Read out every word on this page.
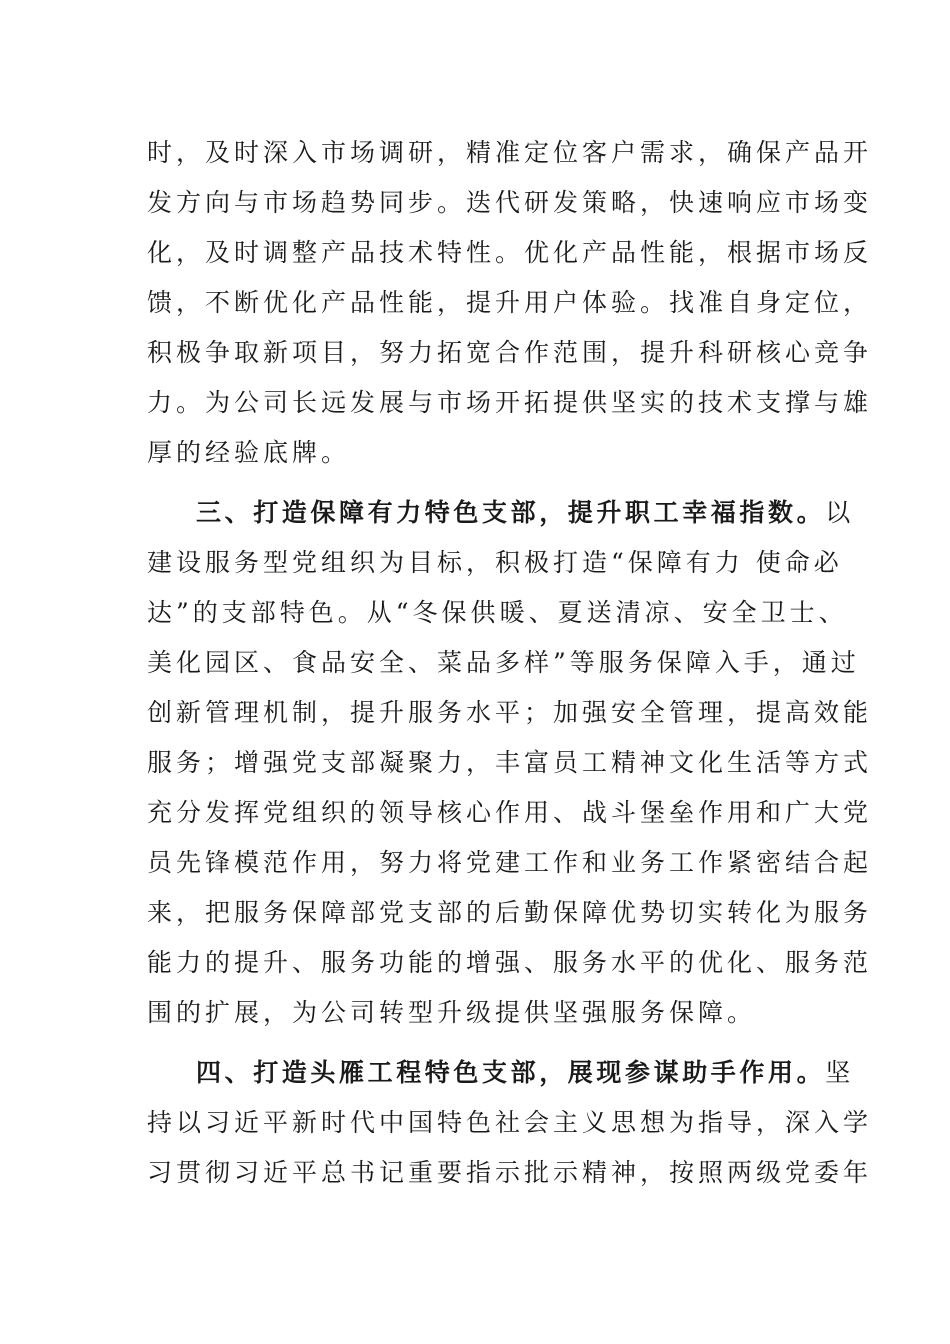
时，及时深入市场调研，精准定位客户需求，确保产品开
发方向与市场趋势同步。迭代研发策略，快速响应市场变
化，及时调整产品技术特性。优化产品性能，根据市场反
馈，不断优化产品性能，提升用户体验。找准自身定位，
积极争取新项目，努力拓宽合作范围，提升科研核心竞争
力。为公司长远发展与市场开拓提供坚实的技术支撑与雄
厚的经验底牌。
三、打造保障有力特色支部，提升职工幸福指数。以
建设服务型党组织为目标，积极打造“保障有力 使命必
达”的支部特色。从“冬保供暖、夏送清凉、安全卫士、
美化园区、食品安全、菜品多样”等服务保障入手，通过
创新管理机制，提升服务水平；加强安全管理，提高效能
服务；增强党支部凝聚力，丰富员工精神文化生活等方式
充分发挥党组织的领导核心作用、战斗堡垒作用和广大党
员先锋模范作用，努力将党建工作和业务工作紧密结合起
来，把服务保障部党支部的后勤保障优势切实转化为服务
能力的提升、服务功能的增强、服务水平的优化、服务范
围的扩展，为公司转型升级提供坚强服务保障。
四、打造头雁工程特色支部，展现参谋助手作用。坚
持以习近平新时代中国特色社会主义思想为指导，深入学
习贯彻习近平总书记重要指示批示精神，按照两级党委年
